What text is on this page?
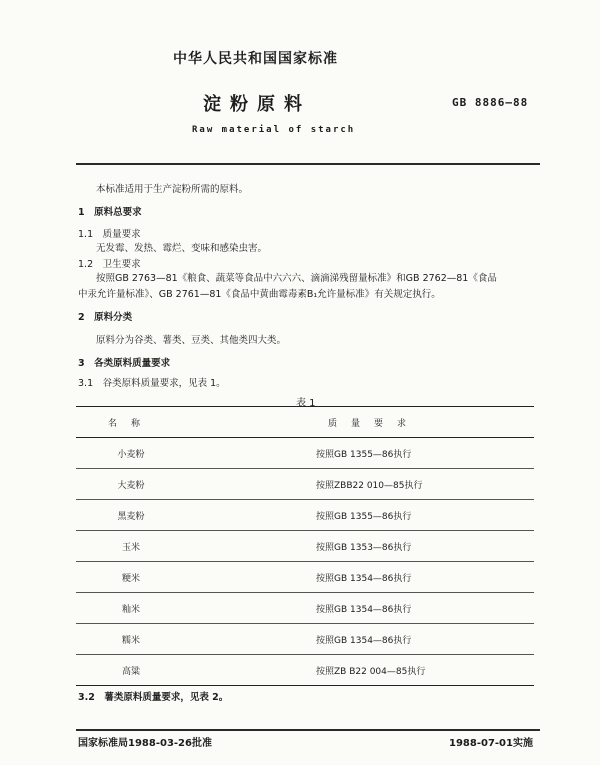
中华人民共和国国家标准
淀粉原料	GB 8886—88
Raw material of starch
本标准适用于生产淀粉所需的原料。
1　原料总要求
1.1　质量要求
无发霉、发热、霉烂、变味和感染虫害。
1.2　卫生要求
按照GB 2763—81《粮食、蔬菜等食品中六六六、滴滴涕残留量标准》和GB 2762—81《食品
中汞允许量标准》、GB 2761—81《食品中黄曲霉毒素B₁允许量标准》有关规定执行。
2　原料分类
原料分为谷类、薯类、豆类、其他类四大类。
3　各类原料质量要求
3.1　谷类原料质量要求，见表 1。
表 1
名称		质量要求
小麦粉		按照GB 1355—86执行
大麦粉		按照ZBB22 010—85执行
黑麦粉		按照GB 1355—86执行
玉米		按照GB 1353—86执行
粳米		按照GB 1354—86执行
籼米		按照GB 1354—86执行
糯米		按照GB 1354—86执行
高粱		按照ZB B22 004—85执行
3.2　薯类原料质量要求，见表 2。
国家标准局1988-03-26批准	1988-07-01实施
